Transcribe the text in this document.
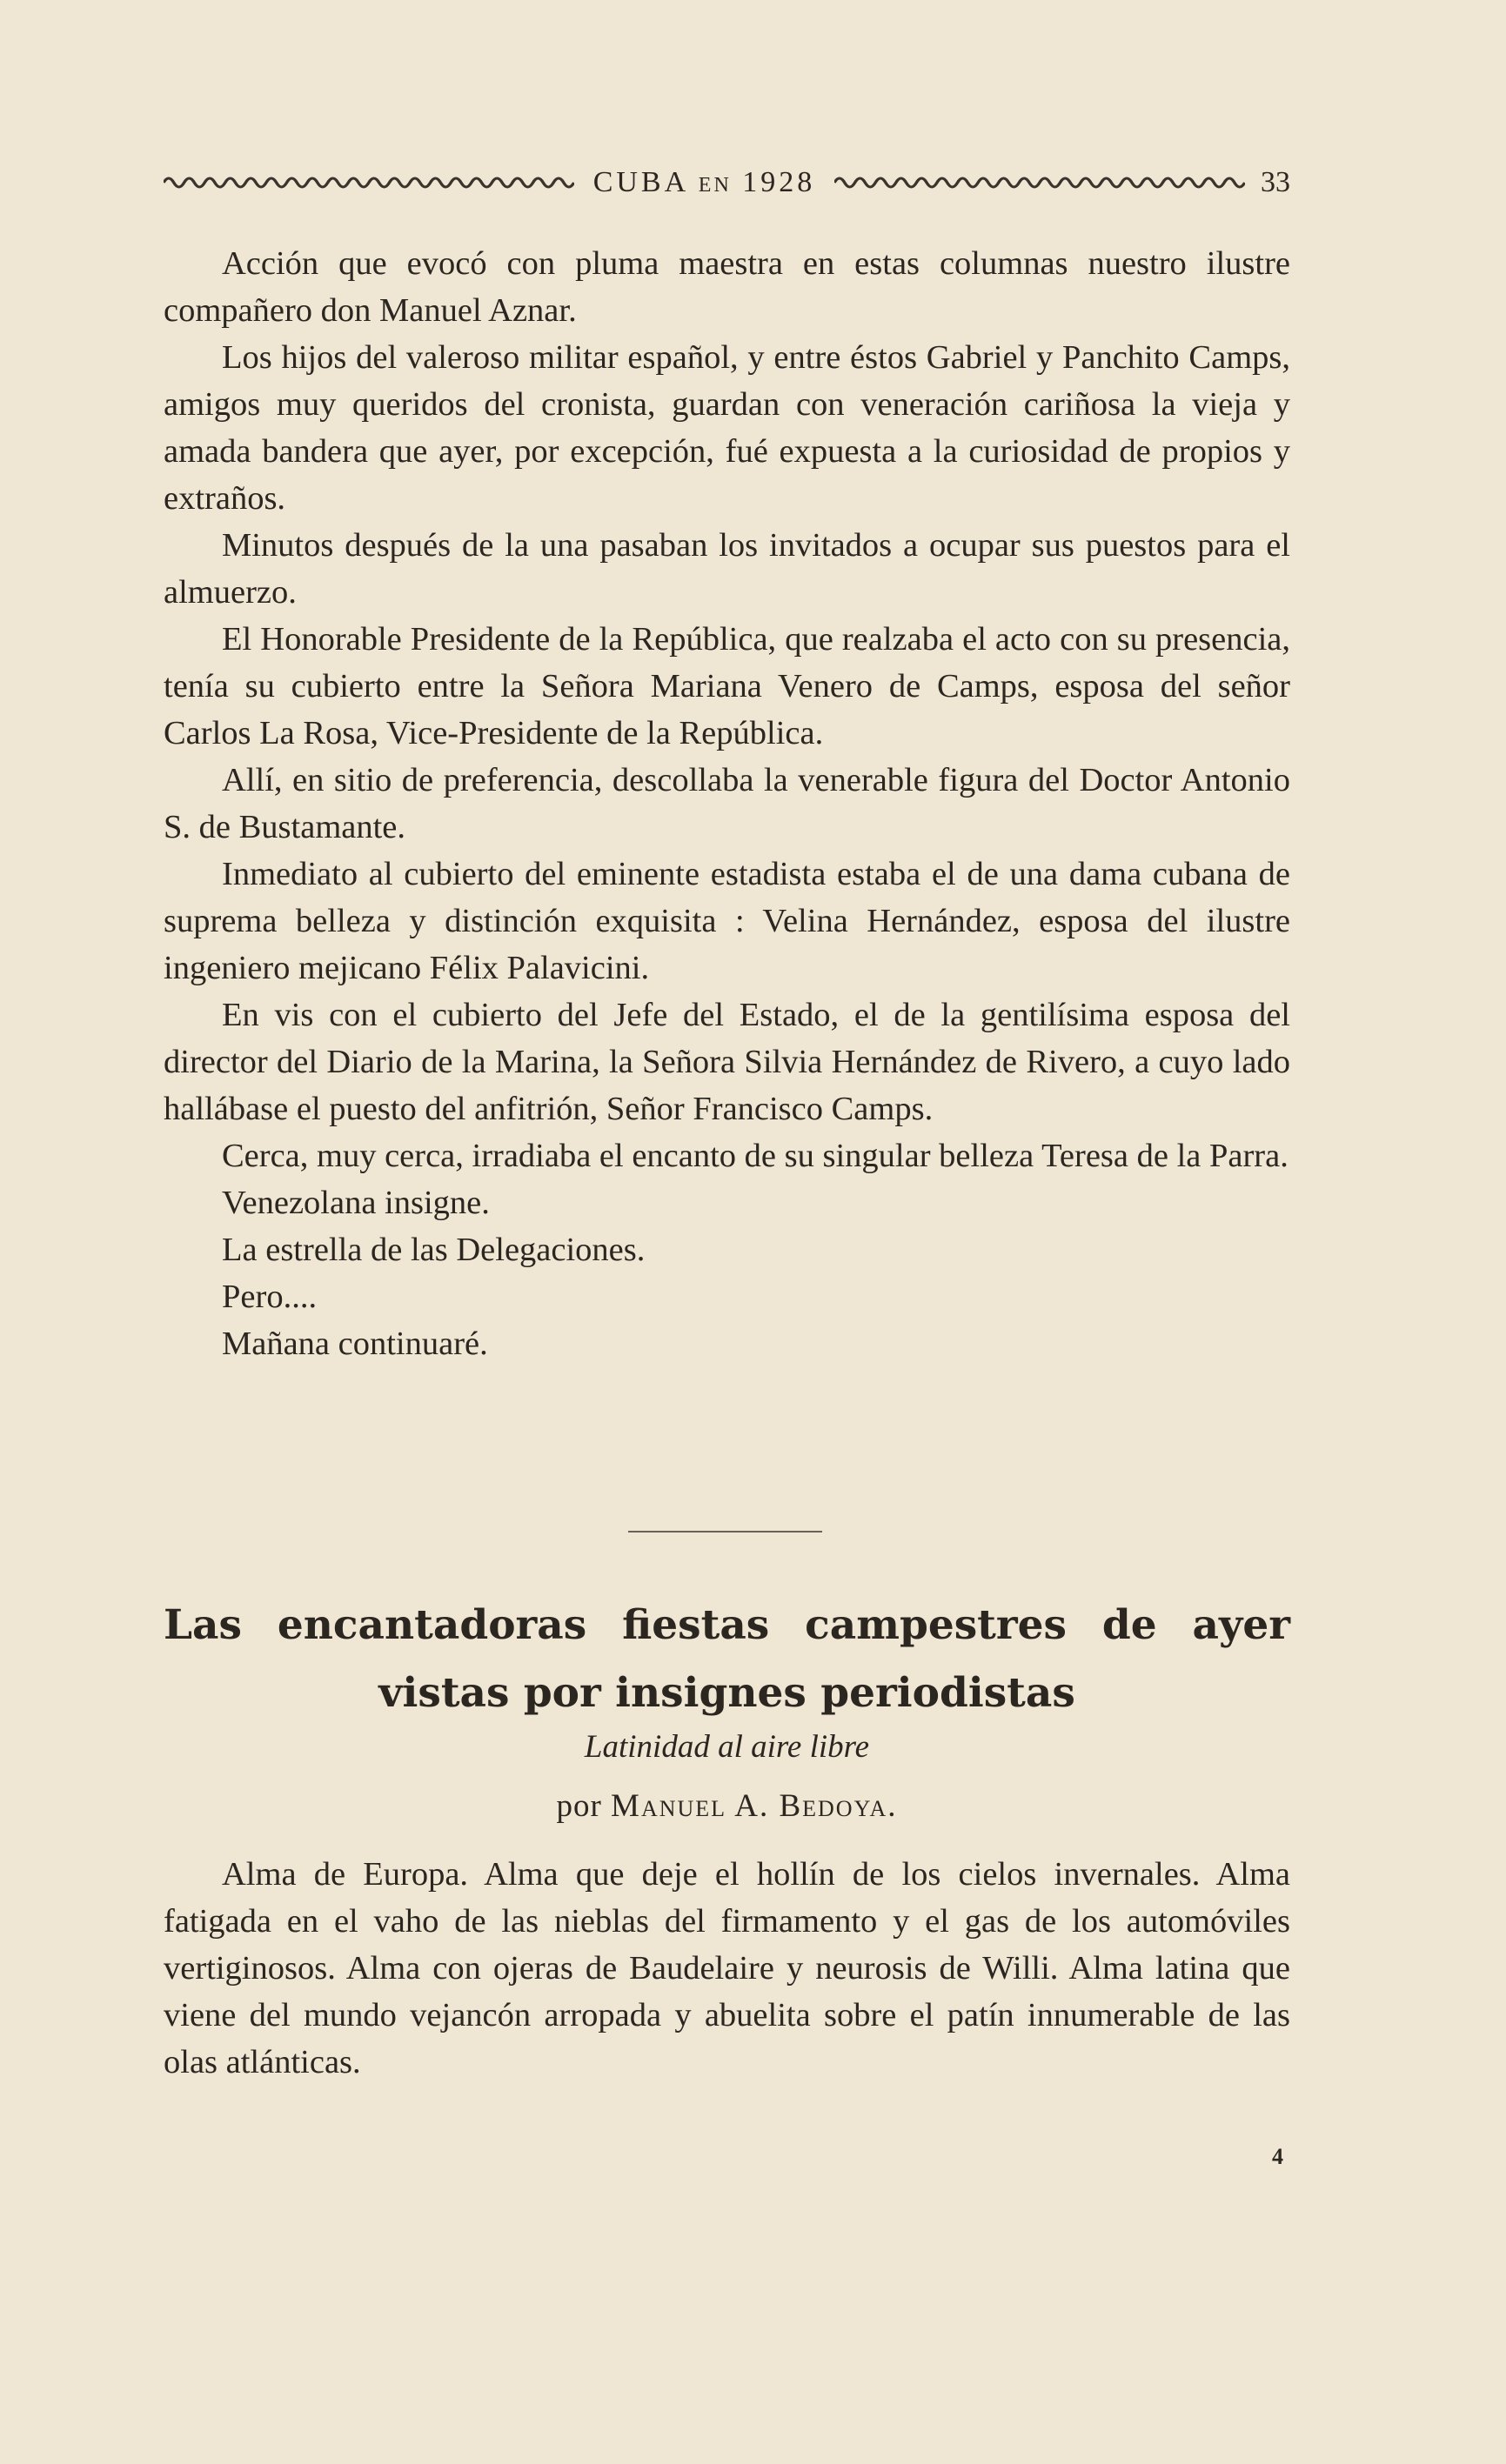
CUBA EN 1928	33

Acción que evocó con pluma maestra en estas columnas nuestro ilustre compañero don Manuel Aznar.

Los hijos del valeroso militar español, y entre éstos Gabriel y Panchito Camps, amigos muy queridos del cronista, guardan con veneración cariñosa la vieja y amada bandera que ayer, por excepción, fué expuesta a la curiosidad de propios y extraños.

Minutos después de la una pasaban los invitados a ocupar sus puestos para el almuerzo.

El Honorable Presidente de la República, que realzaba el acto con su presencia, tenía su cubierto entre la Señora Mariana Venero de Camps, esposa del señor Carlos La Rosa, Vice-Presidente de la República.

Allí, en sitio de preferencia, descollaba la venerable figura del Doctor Antonio S. de Bustamante.

Inmediato al cubierto del eminente estadista estaba el de una dama cubana de suprema belleza y distinción exquisita : Velina Hernández, esposa del ilustre ingeniero mejicano Félix Palavicini.

En vis con el cubierto del Jefe del Estado, el de la gentilísima esposa del director del Diario de la Marina, la Señora Silvia Hernández de Rivero, a cuyo lado hallábase el puesto del anfitrión, Señor Francisco Camps.

Cerca, muy cerca, irradiaba el encanto de su singular belleza Teresa de la Parra.

Venezolana insigne.

La estrella de las Delegaciones.

Pero....

Mañana continuaré.

Las encantadoras fiestas campestres de ayer
vistas por insignes periodistas
Latinidad al aire libre
por Manuel A. Bedoya.

Alma de Europa. Alma que deje el hollín de los cielos invernales. Alma fatigada en el vaho de las nieblas del firmamento y el gas de los automóviles vertiginosos. Alma con ojeras de Baudelaire y neurosis de Willi. Alma latina que viene del mundo vejancón arropada y abuelita sobre el patín innumerable de las olas atlánticas.

4
